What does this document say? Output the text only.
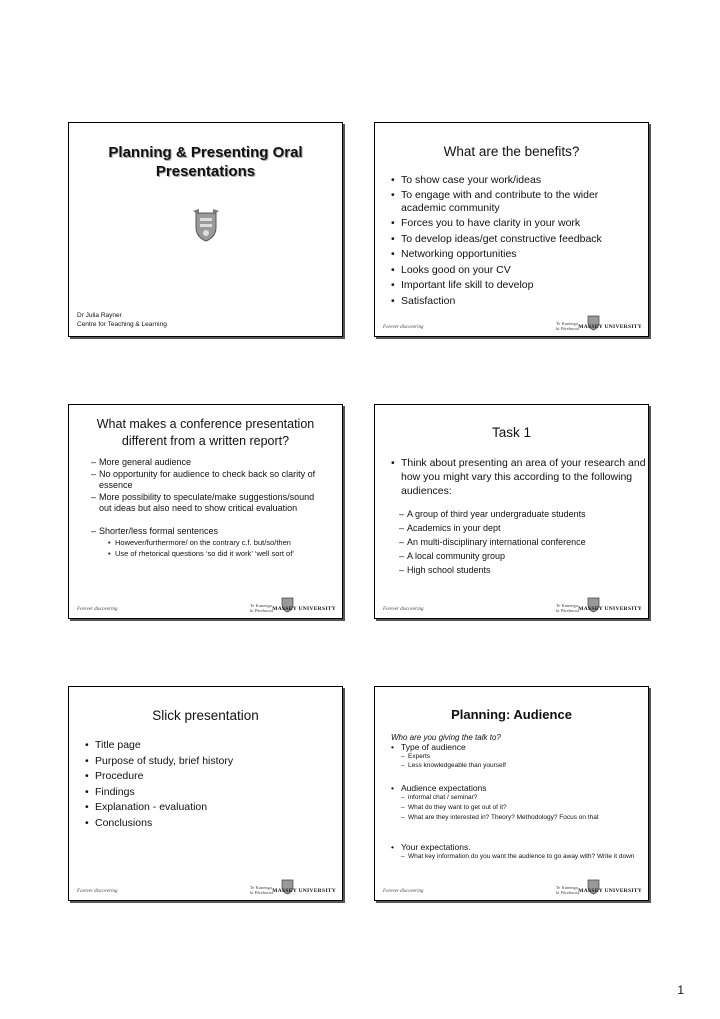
Planning & Presenting Oral
Presentations
Dr Julia Rayner
Centre for Teaching & Learning
What are the benefits?
• To show case your work/ideas
• To engage with and contribute to the wider academic community
• Forces you to have clarity in your work
• To develop ideas/get constructive feedback
• Networking opportunities
• Looks good on your CV
• Important life skill to develop
• Satisfaction
Forever discovering
Te Kunenga
ki Pūrehuroa MASSEY UNIVERSITY
What makes a conference presentation different from a written report?
– More general audience
– No opportunity for audience to check back so clarity of essence
– More possibility to speculate/make suggestions/sound out ideas but also need to show critical evaluation
– Shorter/less formal sentences
• However/furthermore/ on the contrary c.f. but/so/then
• Use of rhetorical questions ‘so did it work’ ‘well sort of’
Forever discovering
Te Kunenga
ki Pūrehuroa MASSEY UNIVERSITY
Task 1
• Think about presenting an area of your research and how you might vary this according to the following audiences:
– A group of third year undergraduate students
– Academics in your dept
– An multi-disciplinary international conference
– A local community group
– High school students
Forever discovering
Te Kunenga
ki Pūrehuroa MASSEY UNIVERSITY
Slick presentation
• Title page
• Purpose of study, brief history
• Procedure
• Findings
• Explanation - evaluation
• Conclusions
Forever discovering
Te Kunenga
ki Pūrehuroa MASSEY UNIVERSITY
Planning: Audience
Who are you giving the talk to?
• Type of audience
– Experts
– Less knowledgeable than yourself
• Audience expectations
– informal chat / seminar?
– What do they want to get out of it?
– What are they interested in? Theory? Methodology? Focus on that
• Your expectations.
– What key information do you want the audience to go away with? Write it down
Forever discovering
Te Kunenga
ki Pūrehuroa MASSEY UNIVERSITY
1
